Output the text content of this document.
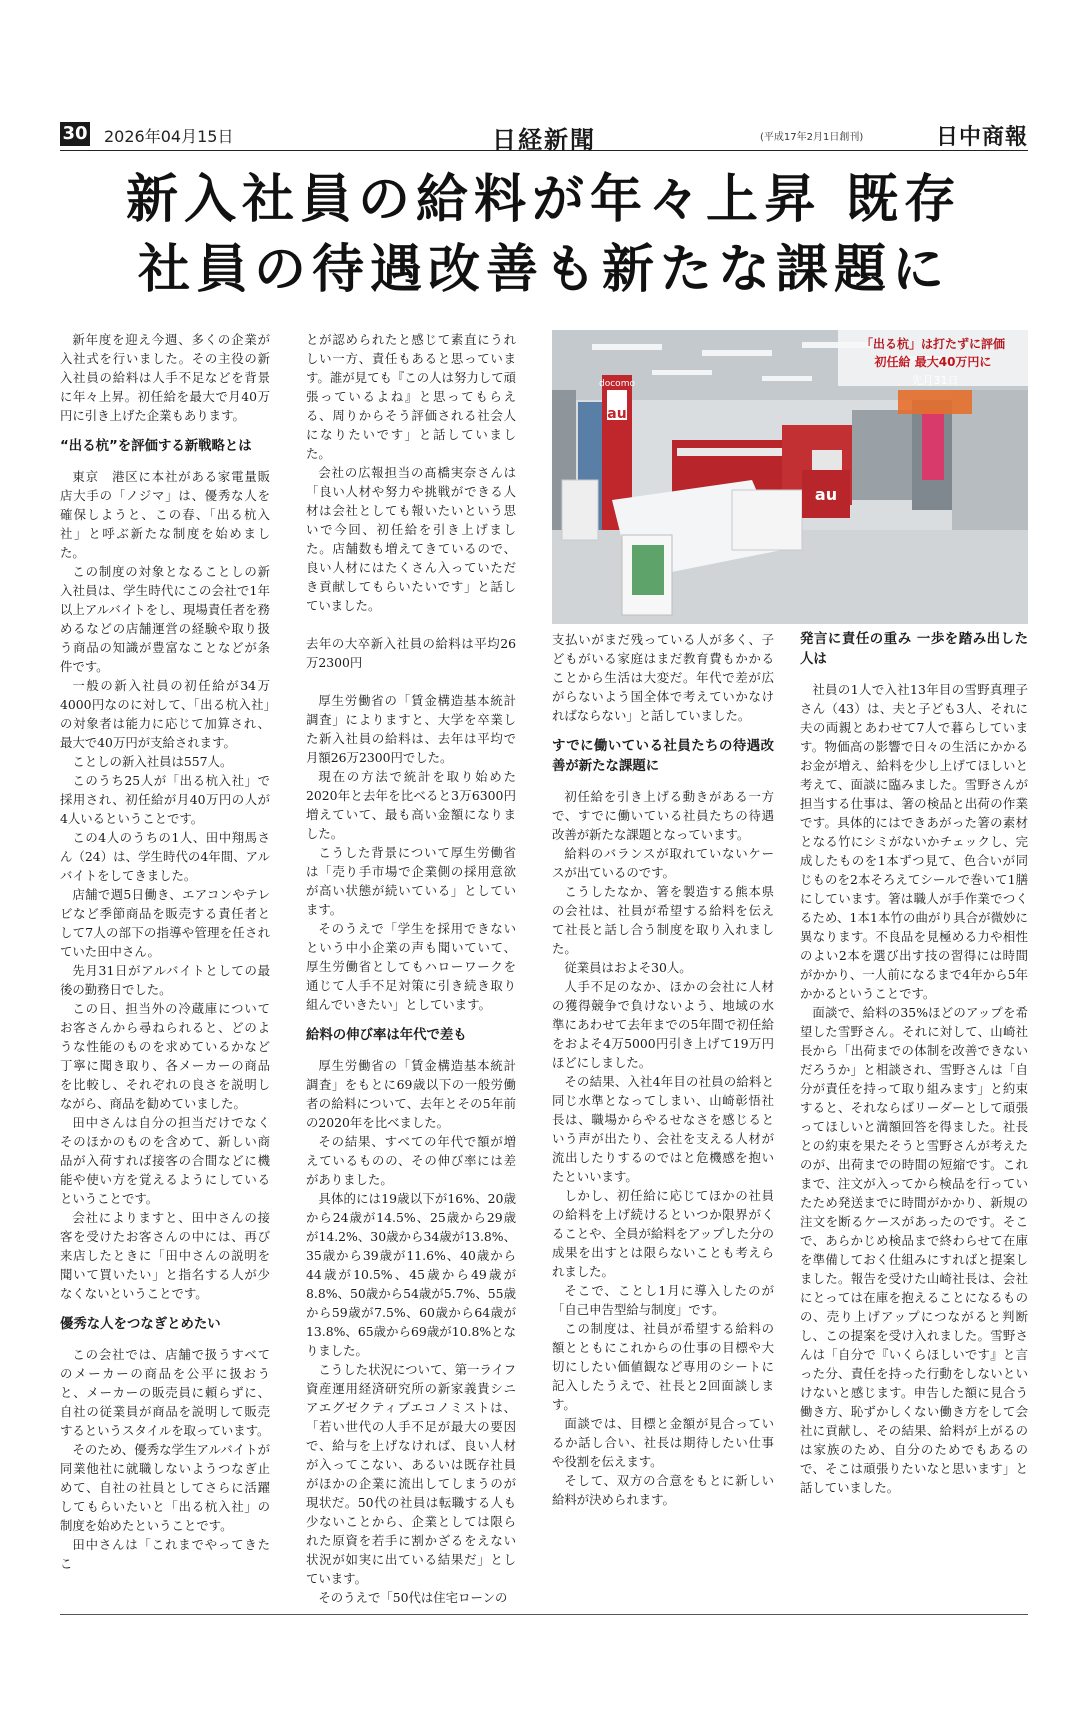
30 2026年04月15日	日経新聞	(平成17年2月1日創刊)	日中商報
新入社員の給料が年々上昇 既存
社員の待遇改善も新たな課題に

新年度を迎え今週、多くの企業が入社式を行いました。その主役の新入社員の給料は人手不足などを背景に年々上昇。初任給を最大で月40万円に引き上げた企業もあります。

“出る杭”を評価する新戦略とは

東京　港区に本社がある家電量販店大手の「ノジマ」は、優秀な人を確保しようと、この春、「出る杭入社」と呼ぶ新たな制度を始めました。

この制度の対象となることしの新入社員は、学生時代にこの会社で1年以上アルバイトをし、現場責任者を務めるなどの店舗運営の経験や取り扱う商品の知識が豊富なことなどが条件です。

一般の新入社員の初任給が34万4000円なのに対して、「出る杭入社」の対象者は能力に応じて加算され、最大で40万円が支給されます。

ことしの新入社員は557人。

このうち25人が「出る杭入社」で採用され、初任給が月40万円の人が4人いるということです。

この4人のうちの1人、田中翔馬さん（24）は、学生時代の4年間、アルバイトをしてきました。

店舗で週5日働き、エアコンやテレビなど季節商品を販売する責任者として7人の部下の指導や管理を任されていた田中さん。

先月31日がアルバイトとしての最後の勤務日でした。

この日、担当外の冷蔵庫についてお客さんから尋ねられると、どのような性能のものを求めているかなど丁寧に聞き取り、各メーカーの商品を比較し、それぞれの良さを説明しながら、商品を勧めていました。

田中さんは自分の担当だけでなくそのほかのものを含めて、新しい商品が入荷すれば接客の合間などに機能や使い方を覚えるようにしているということです。

会社によりますと、田中さんの接客を受けたお客さんの中には、再び来店したときに「田中さんの説明を聞いて買いたい」と指名する人が少なくないということです。

優秀な人をつなぎとめたい

この会社では、店舗で扱うすべてのメーカーの商品を公平に扱おうと、メーカーの販売員に頼らずに、自社の従業員が商品を説明して販売するというスタイルを取っています。

そのため、優秀な学生アルバイトが同業他社に就職しないようつなぎ止めて、自社の社員としてさらに活躍してもらいたいと「出る杭入社」の制度を始めたということです。

田中さんは「これまでやってきたこ

とが認められたと感じて素直にうれしい一方、責任もあると思っています。誰が見ても『この人は努力して頑張っているよね』と思ってもらえる、周りからそう評価される社会人になりたいです」と話していました。

会社の広報担当の髙橋実奈さんは「良い人材や努力や挑戦ができる人材は会社としても報いたいという思いで今回、初任給を引き上げました。店舗数も増えてきているので、良い人材にはたくさん入っていただき貢献してもらいたいです」と話していました。

去年の大卒新入社員の給料は平均26万2300円

厚生労働省の「賃金構造基本統計調査」によりますと、大学を卒業した新入社員の給料は、去年は平均で月額26万2300円でした。

現在の方法で統計を取り始めた2020年と去年を比べると3万6300円増えていて、最も高い金額になりました。

こうした背景について厚生労働省は「売り手市場で企業側の採用意欲が高い状態が続いている」としています。

そのうえで「学生を採用できないという中小企業の声も聞いていて、厚生労働省としてもハローワークを通じて人手不足対策に引き続き取り組んでいきたい」としています。

給料の伸び率は年代で差も

厚生労働省の「賃金構造基本統計調査」をもとに69歳以下の一般労働者の給料について、去年とその5年前の2020年を比べました。

その結果、すべての年代で額が増えているものの、その伸び率には差がありました。

具体的には19歳以下が16%、20歳から24歳が14.5%、25歳から29歳が14.2%、30歳から34歳が13.8%、35歳から39歳が11.6%、40歳から44歳が10.5%、45歳から49歳が8.8%、50歳から54歳が5.7%、55歳から59歳が7.5%、60歳から64歳が13.8%、65歳から69歳が10.8%となりました。

こうした状況について、第一ライフ資産運用経済研究所の新家義貴シニアエグゼクティブエコノミストは、「若い世代の人手不足が最大の要因で、給与を上げなければ、良い人材が入ってこない、あるいは既存社員がほかの企業に流出してしまうのが現状だ。50代の社員は転職する人も少ないことから、企業としては限られた原資を若手に割かざるをえない状況が如実に出ている結果だ」としています。

そのうえで「50代は住宅ローンの

「出る杭」は打たずに評価
初任給 最大40万円に
先月31日
docomo
au
au

支払いがまだ残っている人が多く、子どもがいる家庭はまだ教育費もかかることから生活は大変だ。年代で差が広がらないよう国全体で考えていかなければならない」と話していました。

すでに働いている社員たちの待遇改善が新たな課題に

初任給を引き上げる動きがある一方で、すでに働いている社員たちの待遇改善が新たな課題となっています。

給料のバランスが取れていないケースが出ているのです。

こうしたなか、箸を製造する熊本県の会社は、社員が希望する給料を伝えて社長と話し合う制度を取り入れました。

従業員はおよそ30人。

人手不足のなか、ほかの会社に人材の獲得競争で負けないよう、地域の水準にあわせて去年までの5年間で初任給をおよそ4万5000円引き上げて19万円ほどにしました。

その結果、入社4年目の社員の給料と同じ水準となってしまい、山崎彰悟社長は、職場からやるせなさを感じるという声が出たり、会社を支える人材が流出したりするのではと危機感を抱いたといいます。

しかし、初任給に応じてほかの社員の給料を上げ続けるといつか限界がくることや、全員が給料をアップした分の成果を出すとは限らないことも考えられました。

そこで、ことし1月に導入したのが「自己申告型給与制度」です。

この制度は、社員が希望する給料の額とともにこれからの仕事の目標や大切にしたい価値観など専用のシートに記入したうえで、社長と2回面談します。

面談では、目標と金額が見合っているか話し合い、社長は期待したい仕事や役割を伝えます。

そして、双方の合意をもとに新しい給料が決められます。

発言に責任の重み 一歩を踏み出した人は

社員の1人で入社13年目の雪野真理子さん（43）は、夫と子ども3人、それに夫の両親とあわせて7人で暮らしています。物価高の影響で日々の生活にかかるお金が増え、給料を少し上げてほしいと考えて、面談に臨みました。雪野さんが担当する仕事は、箸の検品と出荷の作業です。具体的にはできあがった箸の素材となる竹にシミがないかチェックし、完成したものを1本ずつ見て、色合いが同じものを2本そろえてシールで巻いて1膳にしています。箸は職人が手作業でつくるため、1本1本竹の曲がり具合が微妙に異なります。不良品を見極める力や相性のよい2本を選び出す技の習得には時間がかかり、一人前になるまで4年から5年かかるということです。

面談で、給料の35%ほどのアップを希望した雪野さん。それに対して、山崎社長から「出荷までの体制を改善できないだろうか」と相談され、雪野さんは「自分が責任を持って取り組みます」と約束すると、それならばリーダーとして頑張ってほしいと満額回答を得ました。社長との約束を果たそうと雪野さんが考えたのが、出荷までの時間の短縮です。これまで、注文が入ってから検品を行っていたため発送までに時間がかかり、新規の注文を断るケースがあったのです。そこで、あらかじめ検品まで終わらせて在庫を準備しておく仕組みにすればと提案しました。報告を受けた山崎社長は、会社にとっては在庫を抱えることになるものの、売り上げアップにつながると判断し、この提案を受け入れました。雪野さんは「自分で『いくらほしいです』と言った分、責任を持った行動をしないといけないと感じます。申告した額に見合う働き方、恥ずかしくない働き方をして会社に貢献し、その結果、給料が上がるのは家族のため、自分のためでもあるので、そこは頑張りたいなと思います」と話していました。
